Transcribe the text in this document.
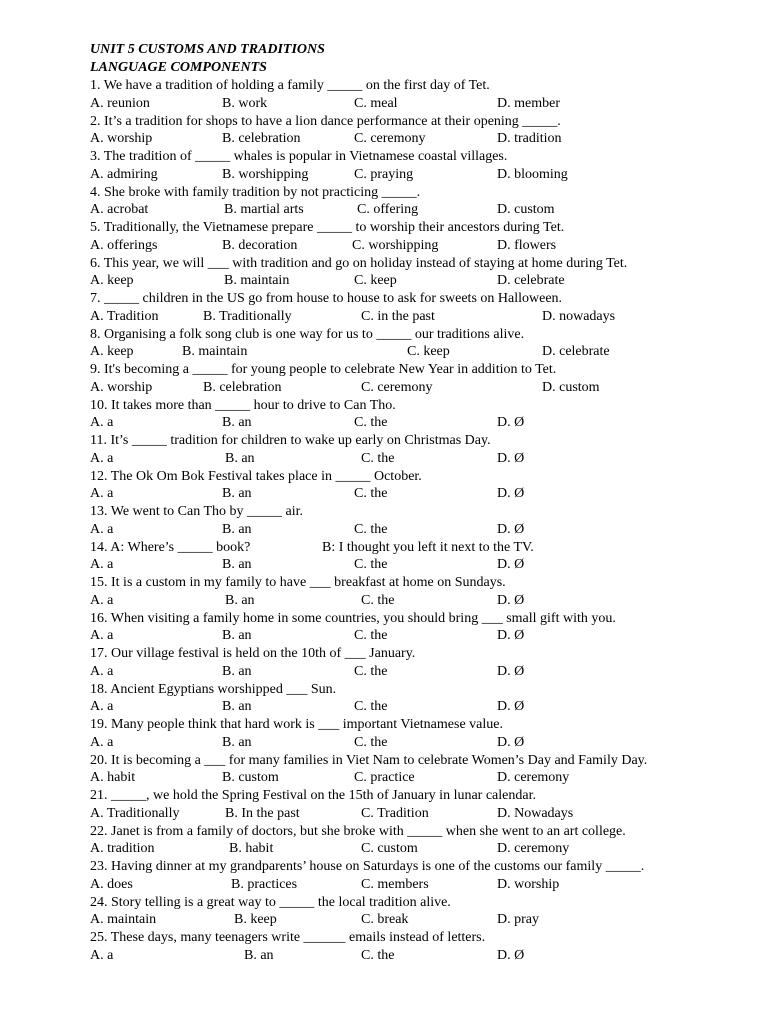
UNIT 5 CUSTOMS AND TRADITIONS
LANGUAGE COMPONENTS
1. We have a tradition of holding a family _____ on the first day of Tet.
A. reunion	B. work	C. meal	D. member
2. It’s a tradition for shops to have a lion dance performance at their opening _____.
A. worship	B. celebration	C. ceremony	D. tradition
3. The tradition of _____ whales is popular in Vietnamese coastal villages.
A. admiring	B. worshipping	C. praying	D. blooming
4. She broke with family tradition by not practicing _____.
A. acrobat	B. martial arts	C. offering	D. custom
5. Traditionally, the Vietnamese prepare _____ to worship their ancestors during Tet.
A. offerings	B. decoration	C. worshipping	D. flowers
6. This year, we will ___ with tradition and go on holiday instead of staying at home during Tet.
A. keep	B. maintain	C. keep	D. celebrate
7. _____ children in the US go from house to house to ask for sweets on Halloween.
A. Tradition	B. Traditionally	C. in the past	D. nowadays
8. Organising a folk song club is one way for us to _____ our traditions alive.
A. keep	B. maintain	C. keep	D. celebrate
9. It's becoming a _____ for young people to celebrate New Year in addition to Tet.
A. worship	B. celebration	C. ceremony	D. custom
10. It takes more than _____ hour to drive to Can Tho.
A. a	B. an	C. the	D. Ø
11. It’s _____ tradition for children to wake up early on Christmas Day.
A. a	B. an	C. the	D. Ø
12. The Ok Om Bok Festival takes place in _____ October.
A. a	B. an	C. the	D. Ø
13. We went to Can Tho by _____ air.
A. a	B. an	C. the	D. Ø
14. A: Where’s _____ book?	B: I thought you left it next to the TV.
A. a	B. an	C. the	D. Ø
15. It is a custom in my family to have ___ breakfast at home on Sundays.
A. a	B. an	C. the	D. Ø
16. When visiting a family home in some countries, you should bring ___ small gift with you.
A. a	B. an	C. the	D. Ø
17. Our village festival is held on the 10th of ___ January.
A. a	B. an	C. the	D. Ø
18. Ancient Egyptians worshipped ___ Sun.
A. a	B. an	C. the	D. Ø
19. Many people think that hard work is ___ important Vietnamese value.
A. a	B. an	C. the	D. Ø
20. It is becoming a ___ for many families in Viet Nam to celebrate Women’s Day and Family Day.
A. habit	B. custom	C. practice	D. ceremony
21. _____, we hold the Spring Festival on the 15th of January in lunar calendar.
A. Traditionally	B. In the past	C. Tradition	D. Nowadays
22. Janet is from a family of doctors, but she broke with _____ when she went to an art college.
A. tradition	B. habit	C. custom	D. ceremony
23. Having dinner at my grandparents’ house on Saturdays is one of the customs our family _____.
A. does	B. practices	C. members	D. worship
24. Story telling is a great way to _____ the local tradition alive.
A. maintain	B. keep	C. break	D. pray
25. These days, many teenagers write ______ emails instead of letters.
A. a	B. an	C. the	D. Ø
